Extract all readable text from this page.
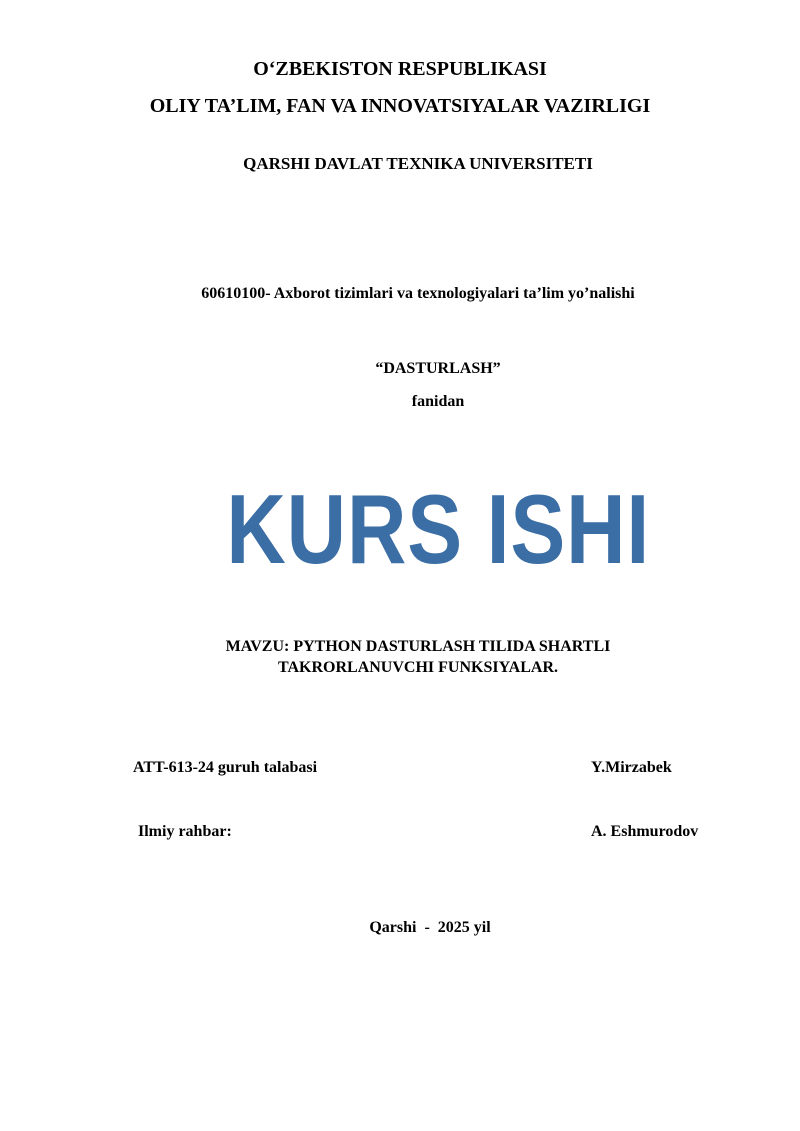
O‘ZBEKISTON RESPUBLIKASI
OLIY TA’LIM, FAN VA INNOVATSIYALAR VAZIRLIGI
QARSHI DAVLAT TEXNIKA UNIVERSITETI
60610100- Axborot tizimlari va texnologiyalari ta’lim yo’nalishi
“DASTURLASH”
fanidan
KURS ISHI
MAVZU: PYTHON DASTURLASH TILIDA SHARTLI
TAKRORLANUVCHI FUNKSIYALAR.
ATT-613-24 guruh talabasi	Y.Mirzabek
Ilmiy rahbar:	A. Eshmurodov
Qarshi  -  2025 yil
